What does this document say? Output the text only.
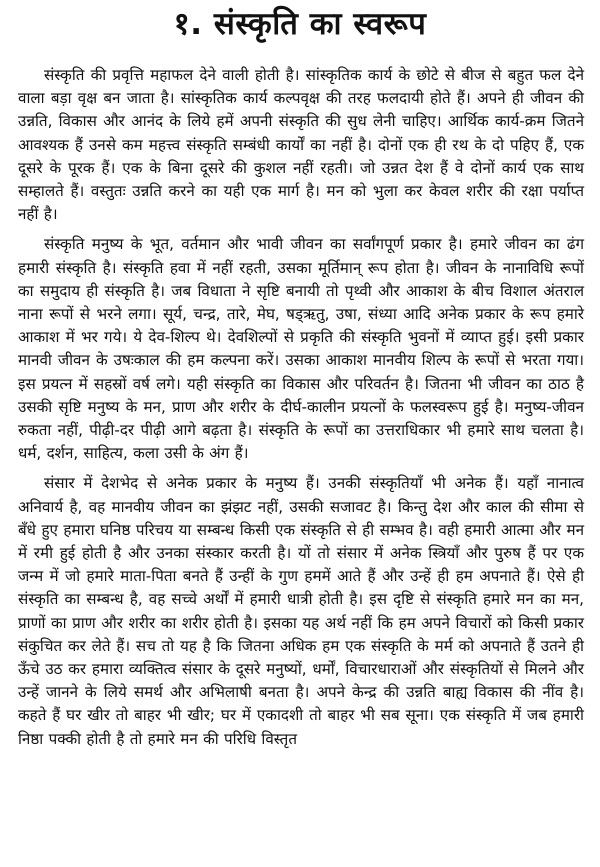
१. संस्कृति का स्वरूप

संस्कृति की प्रवृत्ति महाफल देने वाली होती है। सांस्कृतिक कार्य के छोटे से बीज से बहुत फल देने वाला बड़ा वृक्ष बन जाता है। सांस्कृतिक कार्य कल्पवृक्ष की तरह फलदायी होते हैं। अपने ही जीवन की उन्नति, विकास और आनंद के लिये हमें अपनी संस्कृति की सुध लेनी चाहिए। आर्थिक कार्य-क्रम जितने आवश्यक हैं उनसे कम महत्त्व संस्कृति सम्बंधी कार्यों का नहीं है। दोनों एक ही रथ के दो पहिए हैं, एक दूसरे के पूरक हैं। एक के बिना दूसरे की कुशल नहीं रहती। जो उन्नत देश हैं वे दोनों कार्य एक साथ सम्हालते हैं। वस्तुतः उन्नति करने का यही एक मार्ग है। मन को भुला कर केवल शरीर की रक्षा पर्याप्त नहीं है।

संस्कृति मनुष्य के भूत, वर्तमान और भावी जीवन का सर्वांगपूर्ण प्रकार है। हमारे जीवन का ढंग हमारी संस्कृति है। संस्कृति हवा में नहीं रहती, उसका मूर्तिमान् रूप होता है। जीवन के नानाविधि रूपों का समुदाय ही संस्कृति है। जब विधाता ने सृष्टि बनायी तो पृथ्वी और आकाश के बीच विशाल अंतराल नाना रूपों से भरने लगा। सूर्य, चन्द्र, तारे, मेघ, षड्ऋतु, उषा, संध्या आदि अनेक प्रकार के रूप हमारे आकाश में भर गये। ये देव-शिल्प थे। देवशिल्पों से प्रकृति की संस्कृति भुवनों में व्याप्त हुई। इसी प्रकार मानवी जीवन के उषःकाल की हम कल्पना करें। उसका आकाश मानवीय शिल्प के रूपों से भरता गया। इस प्रयत्न में सहस्रों वर्ष लगे। यही संस्कृति का विकास और परिवर्तन है। जितना भी जीवन का ठाठ है उसकी सृष्टि मनुष्य के मन, प्राण और शरीर के दीर्घ-कालीन प्रयत्नों के फलस्वरूप हुई है। मनुष्य-जीवन रुकता नहीं, पीढ़ी-दर पीढ़ी आगे बढ़ता है। संस्कृति के रूपों का उत्तराधिकार भी हमारे साथ चलता है। धर्म, दर्शन, साहित्य, कला उसी के अंग हैं।

संसार में देशभेद से अनेक प्रकार के मनुष्य हैं। उनकी संस्कृतियाँ भी अनेक हैं। यहाँ नानात्व अनिवार्य है, वह मानवीय जीवन का झंझट नहीं, उसकी सजावट है। किन्तु देश और काल की सीमा से बँधे हुए हमारा घनिष्ठ परिचय या सम्बन्ध किसी एक संस्कृति से ही सम्भव है। वही हमारी आत्मा और मन में रमी हुई होती है और उनका संस्कार करती है। यों तो संसार में अनेक स्त्रियाँ और पुरुष हैं पर एक जन्म में जो हमारे माता-पिता बनते हैं उन्हीं के गुण हममें आते हैं और उन्हें ही हम अपनाते हैं। ऐसे ही संस्कृति का सम्बन्ध है, वह सच्चे अर्थों में हमारी धात्री होती है। इस दृष्टि से संस्कृति हमारे मन का मन, प्राणों का प्राण और शरीर का शरीर होती है। इसका यह अर्थ नहीं कि हम अपने विचारों को किसी प्रकार संकुचित कर लेते हैं। सच तो यह है कि जितना अधिक हम एक संस्कृति के मर्म को अपनाते हैं उतने ही ऊँचे उठ कर हमारा व्यक्तित्व संसार के दूसरे मनुष्यों, धर्मों, विचारधाराओं और संस्कृतियों से मिलने और उन्हें जानने के लिये समर्थ और अभिलाषी बनता है। अपने केन्द्र की उन्नति बाह्य विकास की नींव है। कहते हैं घर खीर तो बाहर भी खीर; घर में एकादशी तो बाहर भी सब सूना। एक संस्कृति में जब हमारी निष्ठा पक्की होती है तो हमारे मन की परिधि विस्तृत
